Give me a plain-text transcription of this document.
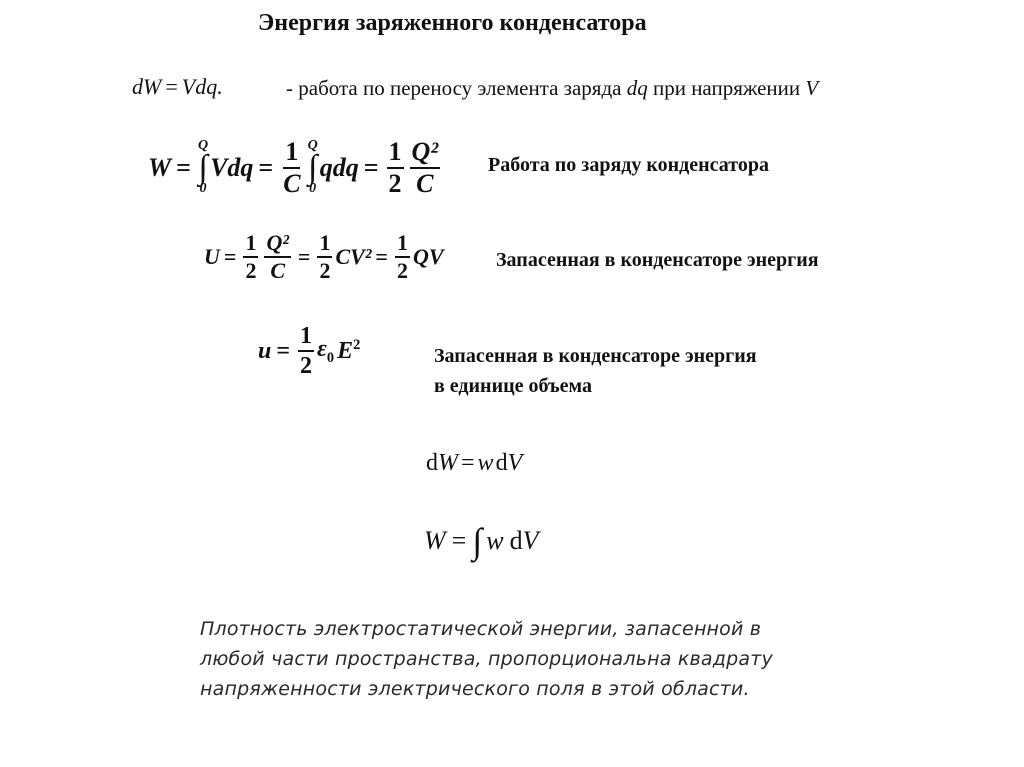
Энергия заряженного конденсатора
dW = Vdq.	- работа по переносу элемента заряда dq при напряжении V
W =
Q
∫
0
Vdq = $\frac{1}{C}$ Q
∫
0
qdq = $\frac{1}{2} \frac{\text{Q²}}{C}$ Работа по заряду конденсатора
$U = \frac{1}{2} \frac{\text{Q²}}{C} = \frac{1}{2} CV^2 = \frac{1}{2}$ QV	Запасенная в конденсаторе энергия
$u = \frac{1}{2} \varepsilon_0$ $E^2$	Запасенная в конденсаторе энергия
в единице объема
d W = w d V
W = ∫ w d V
Плотность электростатической энергии, запасенной в любой части пространства, пропорциональна квадрату напряженности электрического поля в этой области.
